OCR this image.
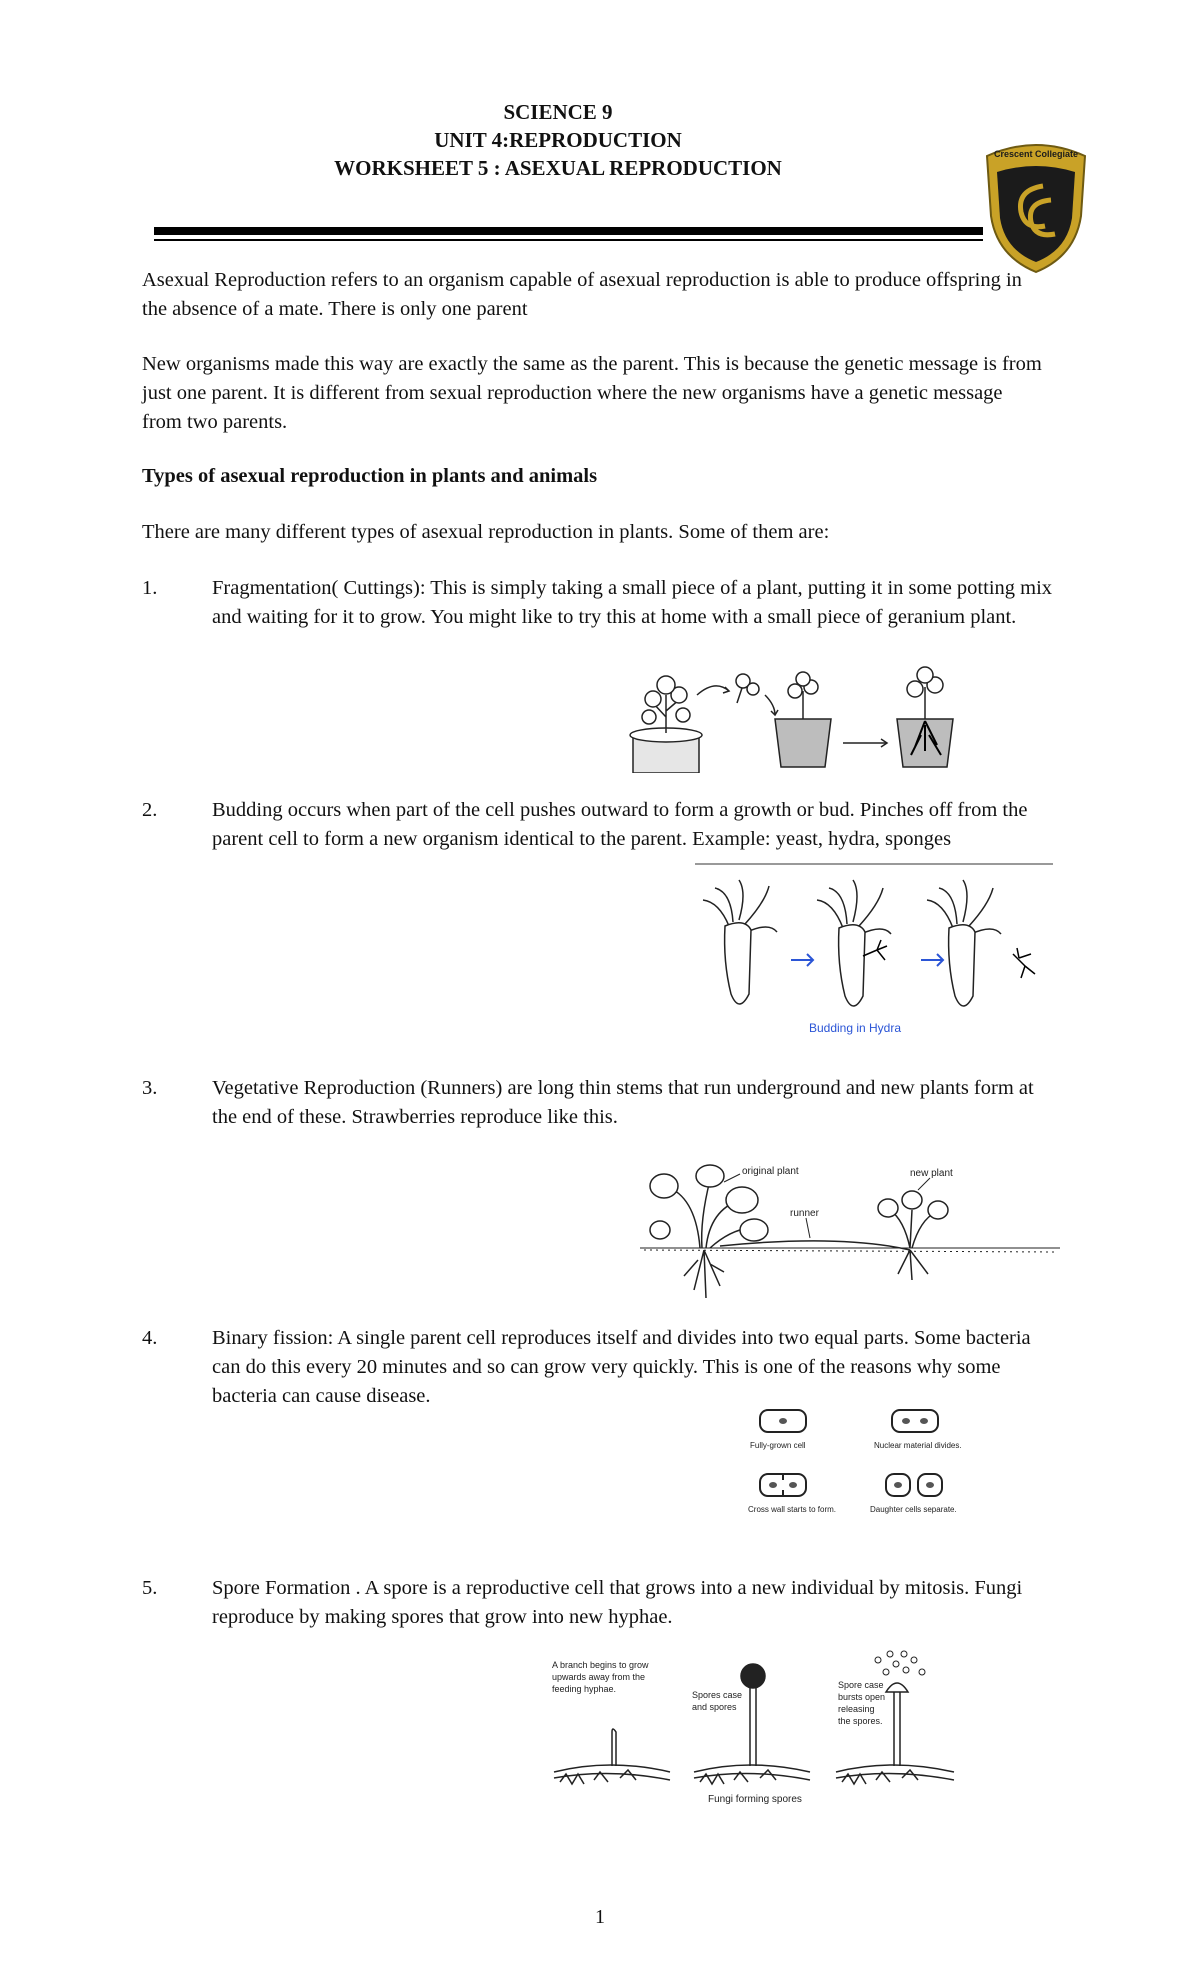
SCIENCE 9
UNIT 4:REPRODUCTION
WORKSHEET 5 : ASEXUAL REPRODUCTION
Crescent Collegiate

Asexual Reproduction refers to an organism capable of asexual reproduction is able to produce offspring in the absence of a mate. There is only one parent

New organisms made this way are exactly the same as the parent. This is because the genetic message is from just one parent. It is different from sexual reproduction where the new organisms have a genetic message from two parents.

Types of asexual reproduction in plants and animals
There are many different types of asexual reproduction in plants. Some of them are:
1.	Fragmentation( Cuttings): This is simply taking a small piece of a plant, putting it in some potting mix and waiting for it to grow. You might like to try this at home with a small piece of geranium plant.

2.	Budding occurs when part of the cell pushes outward to form a growth or bud. Pinches off from the parent cell to form a new organism identical to the parent. Example: yeast, hydra, sponges

Budding in Hydra
3.	Vegetative Reproduction (Runners) are long thin stems that run underground and new plants form at the end of these. Strawberries reproduce like this.

original plant	new plant
runner
4.	Binary fission: A single parent cell reproduces itself and divides into two equal parts. Some bacteria can do this every 20 minutes and so can grow very quickly. This is one of the reasons why some bacteria can cause disease.

Fully-grown cell	Nuclear material divides.
Cross wall starts to form.	Daughter cells separate.
5.	Spore Formation . A spore is a reproductive cell that grows into a new individual by mitosis. Fungi reproduce by making spores that grow into new hyphae.

A branch begins to grow
upwards away from the
feeding hyphae.
Spores case
and spores
Spore case
bursts open
releasing
the spores.
Fungi forming spores
1
